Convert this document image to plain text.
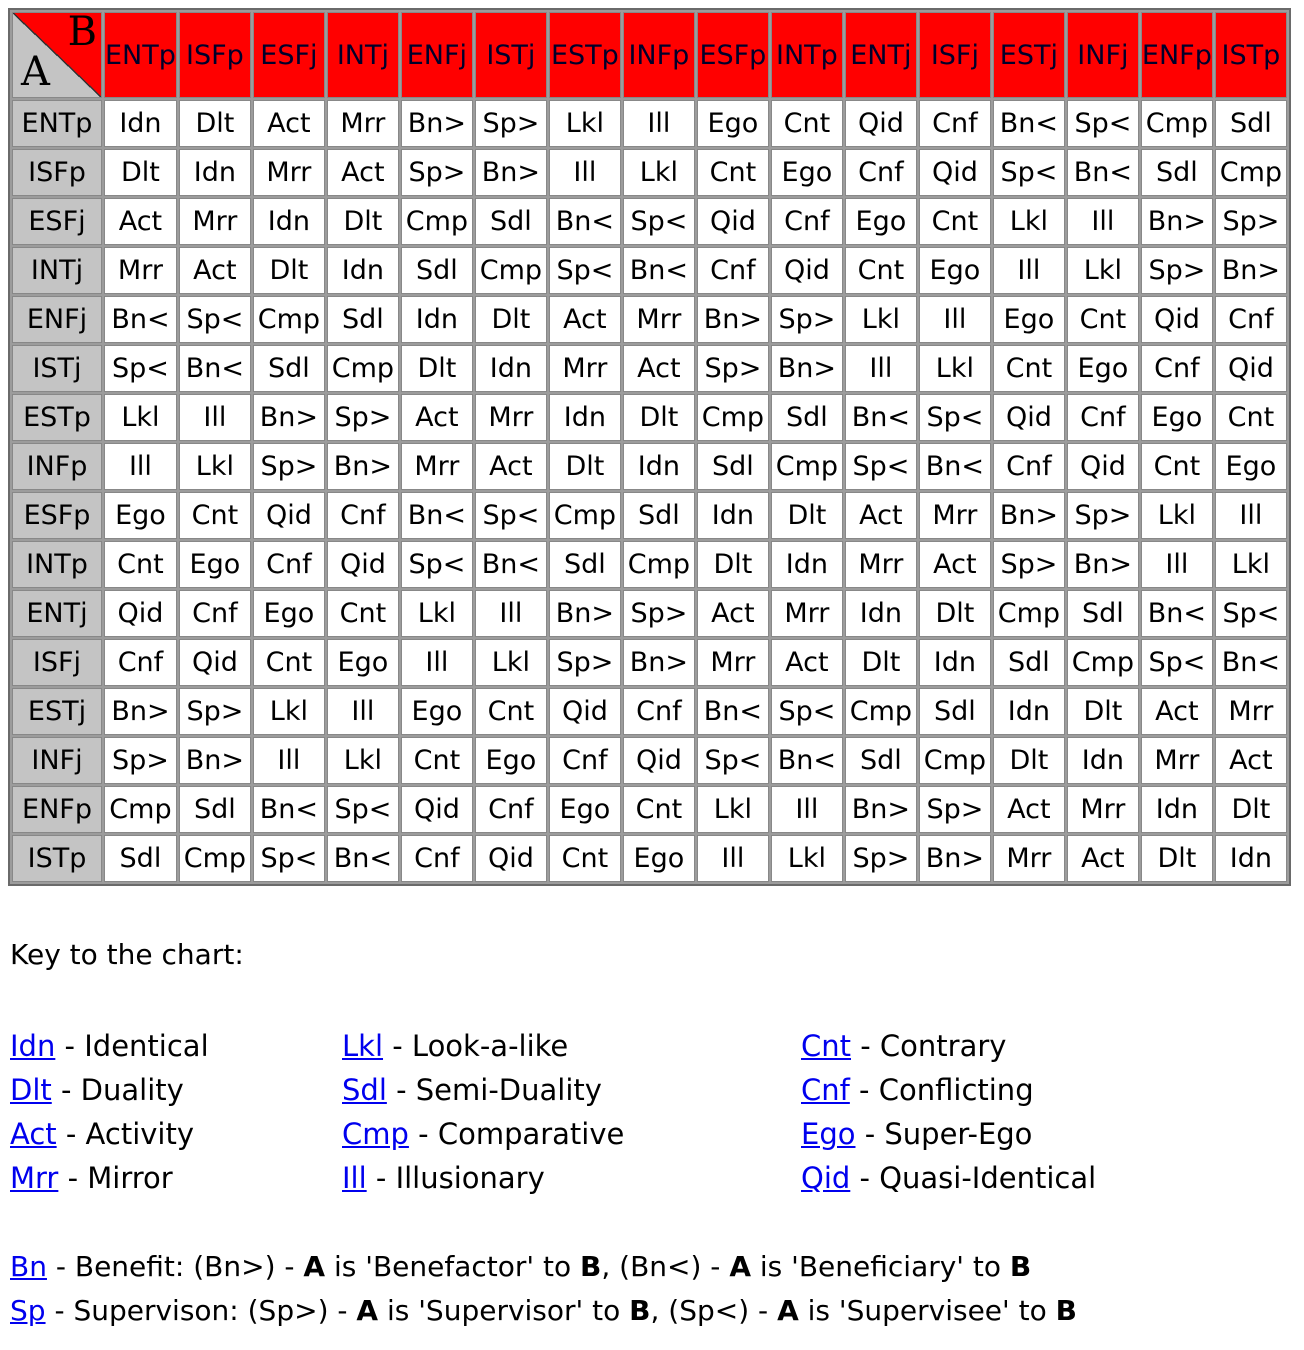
A
B	ENTp	ISFp	ESFj	INTj	ENFj	ISTj	ESTp	INFp	ESFp	INTp	ENTj	ISFj	ESTj	INFj	ENFp	ISTp
ENTp	Idn	Dlt	Act	Mrr	Bn>	Sp>	Lkl	Ill	Ego	Cnt	Qid	Cnf	Bn<	Sp<	Cmp	Sdl
ISFp	Dlt	Idn	Mrr	Act	Sp>	Bn>	Ill	Lkl	Cnt	Ego	Cnf	Qid	Sp<	Bn<	Sdl	Cmp
ESFj	Act	Mrr	Idn	Dlt	Cmp	Sdl	Bn<	Sp<	Qid	Cnf	Ego	Cnt	Lkl	Ill	Bn>	Sp>
INTj	Mrr	Act	Dlt	Idn	Sdl	Cmp	Sp<	Bn<	Cnf	Qid	Cnt	Ego	Ill	Lkl	Sp>	Bn>
ENFj	Bn<	Sp<	Cmp	Sdl	Idn	Dlt	Act	Mrr	Bn>	Sp>	Lkl	Ill	Ego	Cnt	Qid	Cnf
ISTj	Sp<	Bn<	Sdl	Cmp	Dlt	Idn	Mrr	Act	Sp>	Bn>	Ill	Lkl	Cnt	Ego	Cnf	Qid
ESTp	Lkl	Ill	Bn>	Sp>	Act	Mrr	Idn	Dlt	Cmp	Sdl	Bn<	Sp<	Qid	Cnf	Ego	Cnt
INFp	Ill	Lkl	Sp>	Bn>	Mrr	Act	Dlt	Idn	Sdl	Cmp	Sp<	Bn<	Cnf	Qid	Cnt	Ego
ESFp	Ego	Cnt	Qid	Cnf	Bn<	Sp<	Cmp	Sdl	Idn	Dlt	Act	Mrr	Bn>	Sp>	Lkl	Ill
INTp	Cnt	Ego	Cnf	Qid	Sp<	Bn<	Sdl	Cmp	Dlt	Idn	Mrr	Act	Sp>	Bn>	Ill	Lkl
ENTj	Qid	Cnf	Ego	Cnt	Lkl	Ill	Bn>	Sp>	Act	Mrr	Idn	Dlt	Cmp	Sdl	Bn<	Sp<
ISFj	Cnf	Qid	Cnt	Ego	Ill	Lkl	Sp>	Bn>	Mrr	Act	Dlt	Idn	Sdl	Cmp	Sp<	Bn<
ESTj	Bn>	Sp>	Lkl	Ill	Ego	Cnt	Qid	Cnf	Bn<	Sp<	Cmp	Sdl	Idn	Dlt	Act	Mrr
INFj	Sp>	Bn>	Ill	Lkl	Cnt	Ego	Cnf	Qid	Sp<	Bn<	Sdl	Cmp	Dlt	Idn	Mrr	Act
ENFp	Cmp	Sdl	Bn<	Sp<	Qid	Cnf	Ego	Cnt	Lkl	Ill	Bn>	Sp>	Act	Mrr	Idn	Dlt
ISTp	Sdl	Cmp	Sp<	Bn<	Cnf	Qid	Cnt	Ego	Ill	Lkl	Sp>	Bn>	Mrr	Act	Dlt	Idn
Key to the chart:
Idn - Identical
Dlt - Duality
Act - Activity
Mrr - Mirror
Lkl - Look-a-like
Sdl - Semi-Duality
Cmp - Comparative
Ill - Illusionary
Cnt - Contrary
Cnf - Conflicting
Ego - Super-Ego
Qid - Quasi-Identical
Bn - Benefit: (Bn>) - A is 'Benefactor' to B, (Bn<) - A is 'Beneficiary' to B
Sp - Supervison: (Sp>) - A is 'Supervisor' to B, (Sp<) - A is 'Supervisee' to B
